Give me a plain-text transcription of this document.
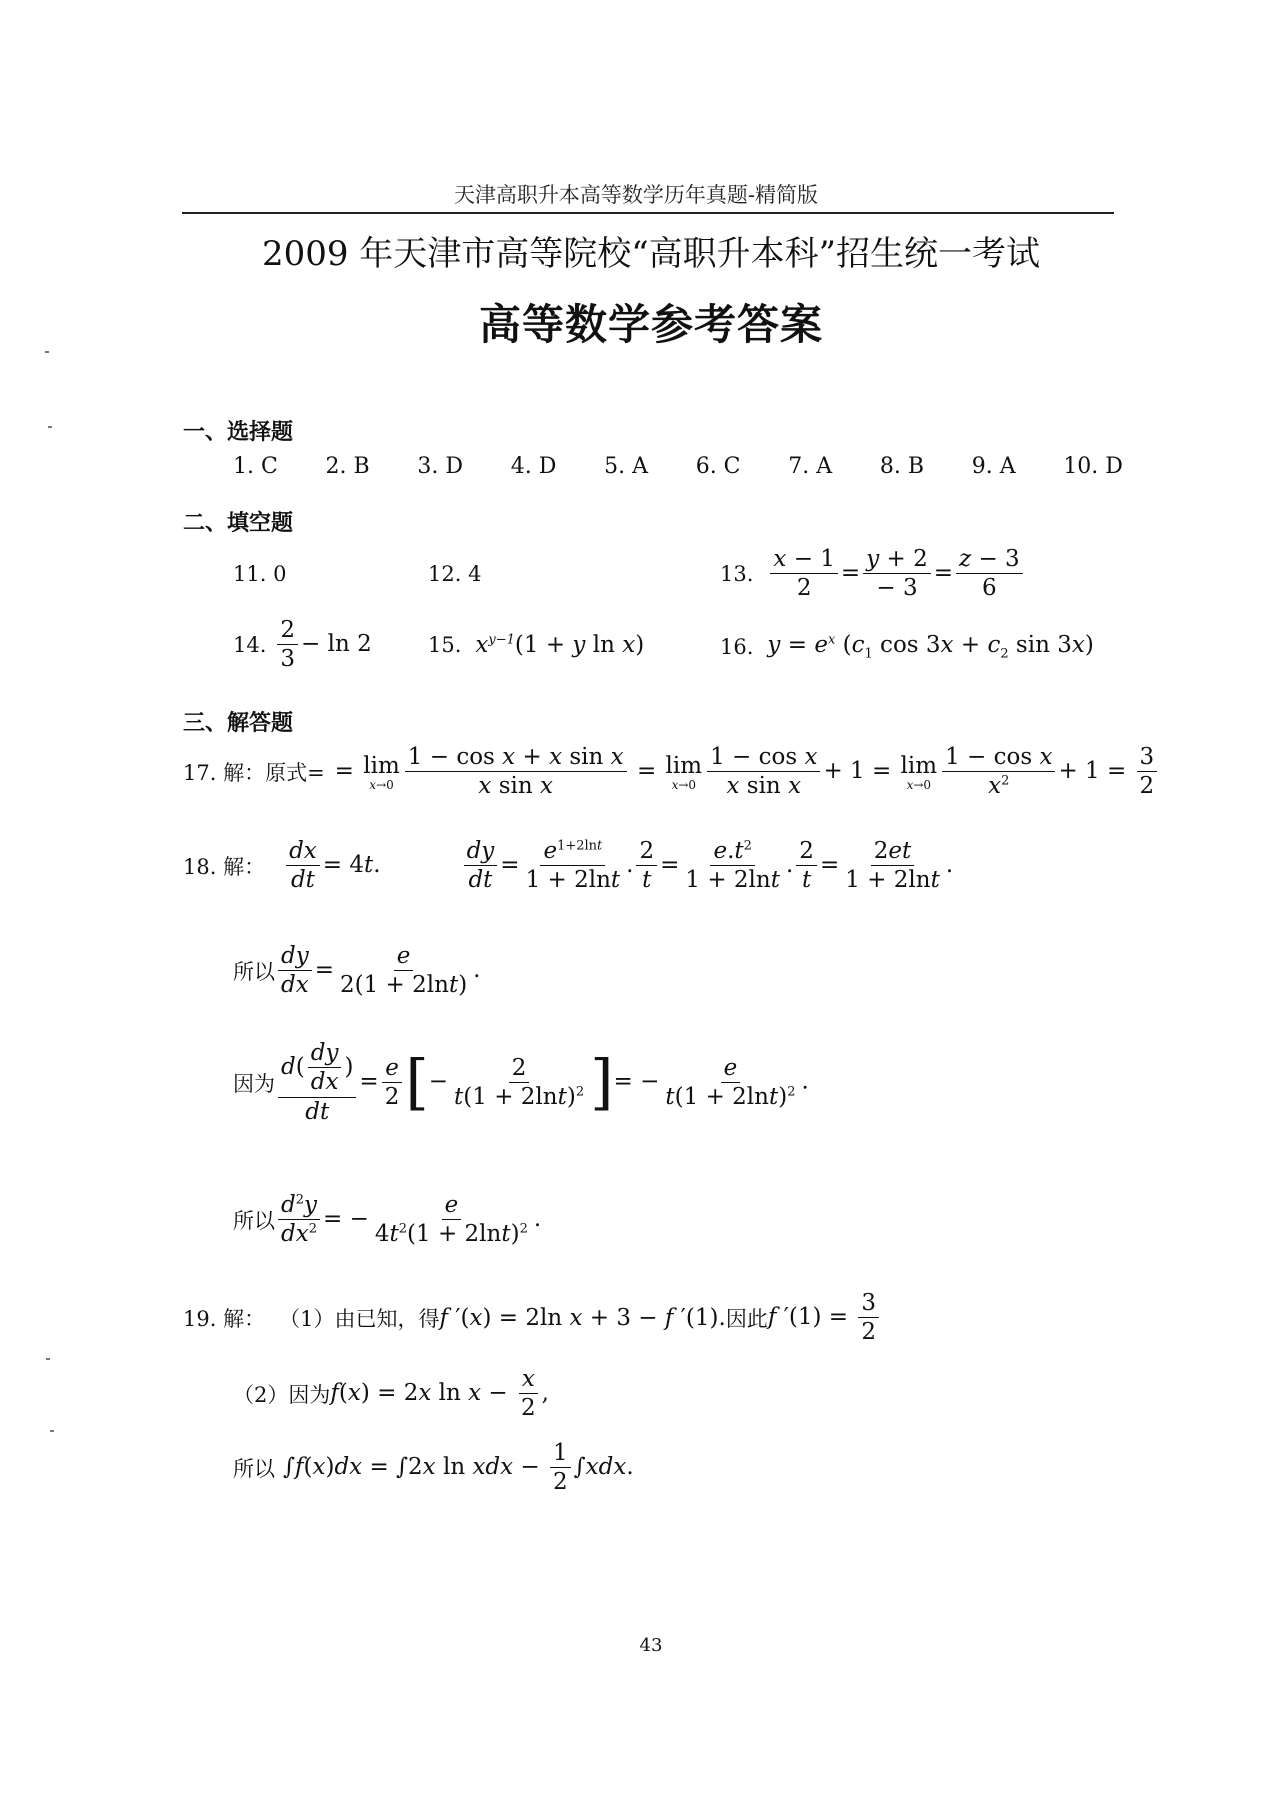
天津高职升本高等数学历年真题-精简版
2009 年天津市高等院校“高职升本科”招生统一考试
高等数学参考答案
一、选择题
1. C 2. B 3. D 4. D 5. A 6. C 7. A 8. B 9. A 10. D
二、填空题
11. 0	12. 4	13. $\frac{x - 1}{2} = \frac{y + 2}{- 3} = \frac{z - 3}{6}$
14. $\frac{2}{3} - \ln 2$	15. $x^{y-1}(1 + y$ ln x)	16. $y = e^x$ ($c_1$ $\cos 3x + c_2$ sin 3x)
三、解答题
17. 解：原式= = lim
$x\to 0 \frac{\text{1 − cos x + x sin x}}{\text{x sin x}} = \lim$
$x\to 0 \frac{\text{1 − cos x}}{\text{x sin x}} + 1 = \lim$
$x\to 0 \frac{\text{1 − cos x}}{x^2} + 1 = \frac{3}{2}$
18. 解： $\frac{dx}{dt} = 4t$.	$\frac{dy}{dt} = \frac{e^{1+2lnt}}{1 + 2\ln t}$ . $\frac{2}{t} = \frac{e.t^2}{1 + 2\ln t}$ . $\frac{2}{t} = \frac{2et}{1 + 2\ln t}$ .
所以 $\frac{dy}{dx} = \frac{e}{2(1 + 2\ln t)}$ .
因为 $\frac{d( \frac{dy}{dx} )}{dt} = \frac{e}{2}$ [− $\frac{2}{t(1 + 2\ln t)^2}$ ]= − $\frac{e}{t(1 + 2\ln t)^2}$ .
所以 $\frac{d^2y}{dx^2}$ = − $\frac{e}{4t^2(1 + 2\ln t)^2}$ .
19. 解： （1）由已知，得 f ′(x) = 2ln x + 3 − f ′(1). 因此 f $'(1) = \frac{3}{2}$
（2）因为 f(x) = 2x $\ln x - \frac{x}{2}$ ,
所以 ∫f(x)dx = ∫2x ln xdx − $\frac{1}{2} \int xdx$.
43
